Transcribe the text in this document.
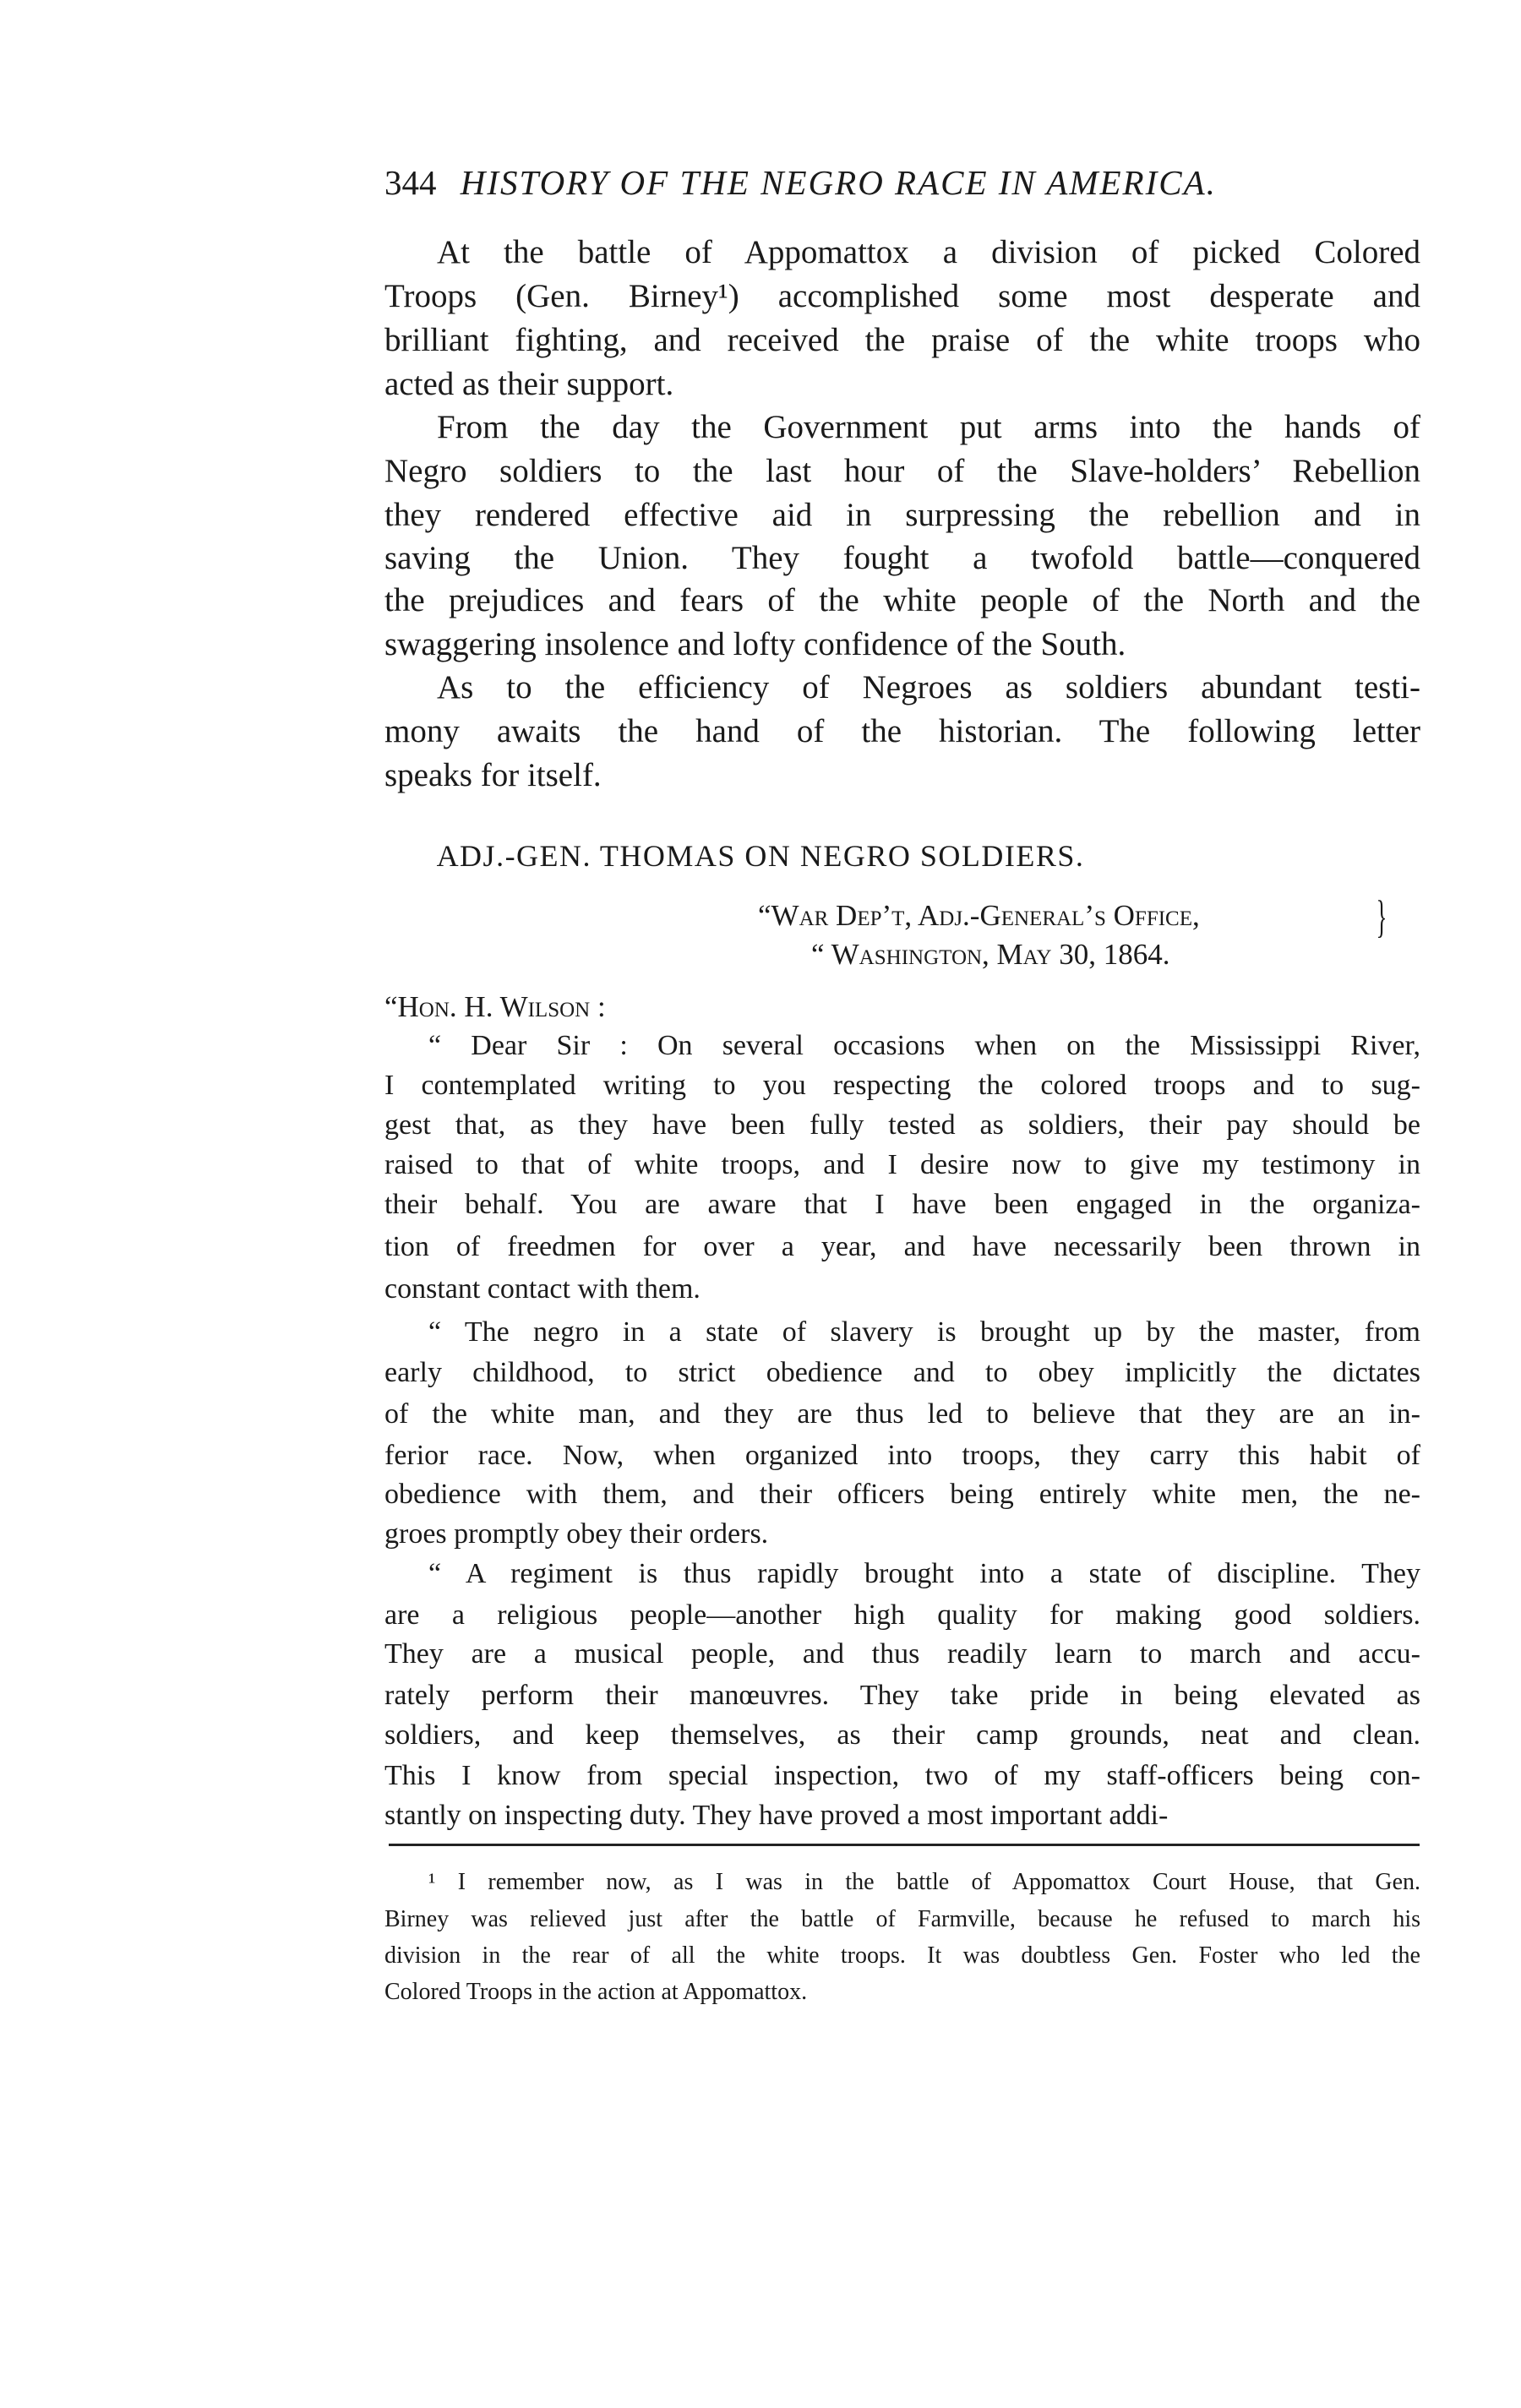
344 HISTORY OF THE NEGRO RACE IN AMERICA.
At the battle of Appomattox a division of picked Colored
Troops (Gen. Birney¹) accomplished some most desperate and
brilliant fighting, and received the praise of the white troops who
acted as their support.
From the day the Government put arms into the hands of
Negro soldiers to the last hour of the Slave-holders’ Rebellion
they rendered effective aid in surpressing the rebellion and in
saving the Union. They fought a twofold battle—conquered
the prejudices and fears of the white people of the North and the
swaggering insolence and lofty confidence of the South.
As to the efficiency of Negroes as soldiers abundant testi-
mony awaits the hand of the historian. The following letter
speaks for itself.
ADJ.-GEN. THOMAS ON NEGRO SOLDIERS.
“War Dep’t, Adj.-General’s Office,
“ Washington, May 30, 1864.
}
“Hon. H. Wilson :
“ Dear Sir : On several occasions when on the Mississippi River,
I contemplated writing to you respecting the colored troops and to sug-
gest that, as they have been fully tested as soldiers, their pay should be
raised to that of white troops, and I desire now to give my testimony in
their behalf. You are aware that I have been engaged in the organiza-
tion of freedmen for over a year, and have necessarily been thrown in
constant contact with them.
“ The negro in a state of slavery is brought up by the master, from
early childhood, to strict obedience and to obey implicitly the dictates
of the white man, and they are thus led to believe that they are an in-
ferior race. Now, when organized into troops, they carry this habit of
obedience with them, and their officers being entirely white men, the ne-
groes promptly obey their orders.
“ A regiment is thus rapidly brought into a state of discipline. They
are a religious people—another high quality for making good soldiers.
They are a musical people, and thus readily learn to march and accu-
rately perform their manœuvres. They take pride in being elevated as
soldiers, and keep themselves, as their camp grounds, neat and clean.
This I know from special inspection, two of my staff-officers being con-
stantly on inspecting duty. They have proved a most important addi-
¹ I remember now, as I was in the battle of Appomattox Court House, that Gen.
Birney was relieved just after the battle of Farmville, because he refused to march his
division in the rear of all the white troops. It was doubtless Gen. Foster who led the
Colored Troops in the action at Appomattox.
